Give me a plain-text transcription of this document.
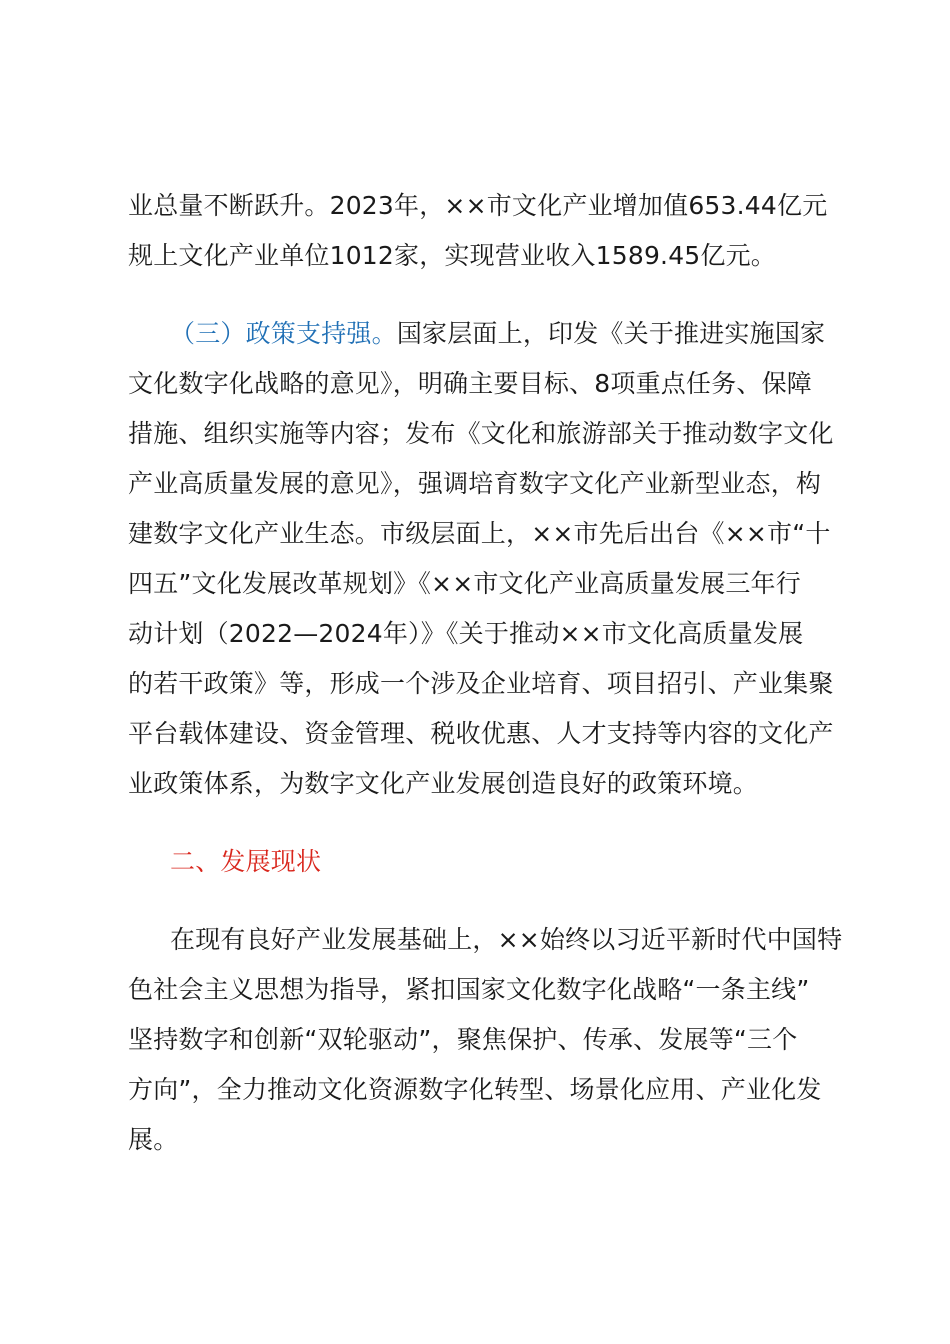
业总量不断跃升。2023年，××市文化产业增加值653.44亿元
规上文化产业单位1012家，实现营业收入1589.45亿元。
（三）政策支持强。国家层面上，印发《关于推进实施国家
文化数字化战略的意见》，明确主要目标、8项重点任务、保障
措施、组织实施等内容；发布《文化和旅游部关于推动数字文化
产业高质量发展的意见》，强调培育数字文化产业新型业态，构
建数字文化产业生态。市级层面上，××市先后出台《××市“十
四五”文化发展改革规划》《××市文化产业高质量发展三年行
动计划（2022—2024年）》《关于推动××市文化高质量发展
的若干政策》等，形成一个涉及企业培育、项目招引、产业集聚
平台载体建设、资金管理、税收优惠、人才支持等内容的文化产
业政策体系，为数字文化产业发展创造良好的政策环境。
二、发展现状
在现有良好产业发展基础上，××始终以习近平新时代中国特
色社会主义思想为指导，紧扣国家文化数字化战略“一条主线”
坚持数字和创新“双轮驱动”，聚焦保护、传承、发展等“三个
方向”，全力推动文化资源数字化转型、场景化应用、产业化发
展。
